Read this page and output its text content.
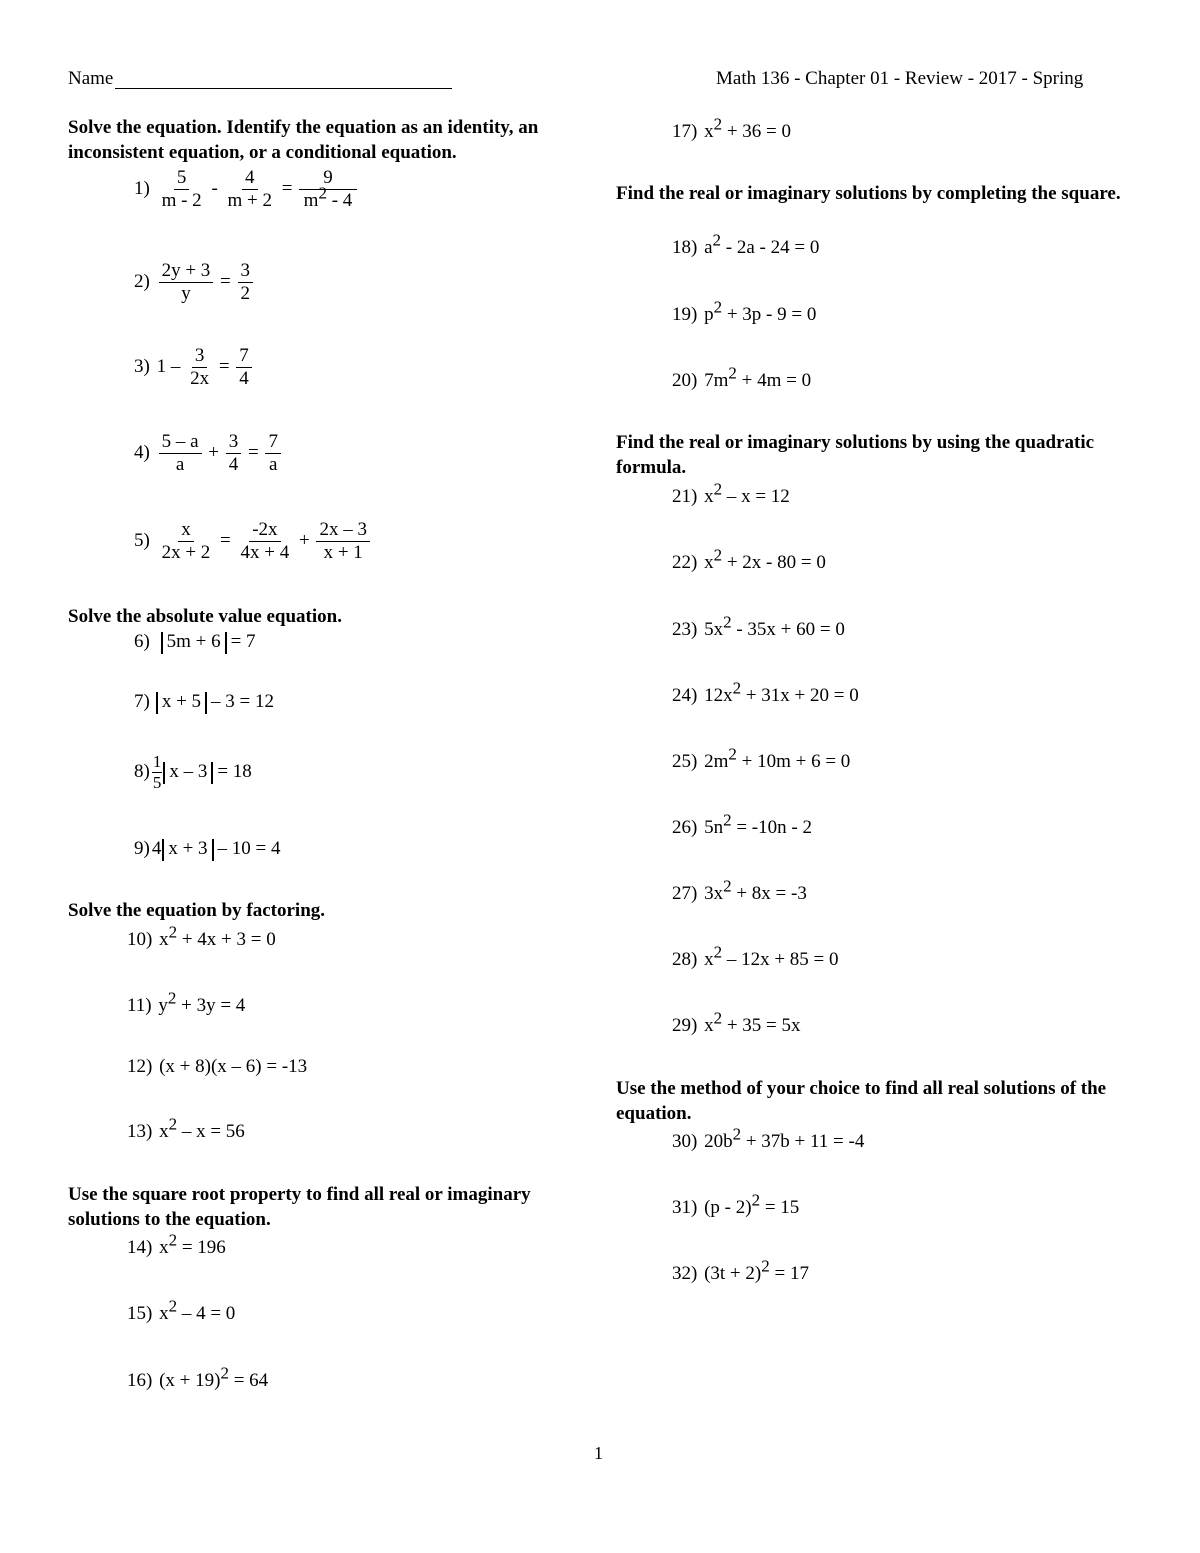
Name	Math 136 - Chapter 01 - Review - 2017 - Spring
Solve the equation. Identify the equation as an identity, an inconsistent equation, or a conditional equation.
$1) \frac{5}{m - 2} - \frac{4}{m + 2} = \frac{9}{m^2 - 4}$
$2) \frac{2y + 3}{y} = \frac{3}{2}$
3) $1 - \frac{3}{2x} = \frac{7}{4}$
$4) \frac{5 - a}{a} + \frac{3}{4} = \frac{7}{a}$
$5) \frac{x}{2x + 2} = \frac{-2x}{4x + 4} + \frac{2x - 3}{x + 1}$
Solve the absolute value equation.
6) 5m + 6 = 7
7) x + 5 – 3 = 12
$8) \frac{1}{5}$ x – 3 = 18
9) 4 x + 3 – 10 = 4
Solve the equation by factoring.
10) $x^2 + 4x + 3 = 0$
11) $y^2 + 3y = 4$
12) (x + 8)(x – 6) = -13
13) $x^2 - x = 56$
Use the square root property to find all real or imaginary solutions to the equation.
14) $x^2 = 196$
15) $x^2 - 4 = 0$
16) $(x + 19)^2 = 64$
17) $x^2 + 36 = 0$
Find the real or imaginary solutions by completing the square.
18) $a^2 - 2a - 24 = 0$
19) $p^2 + 3p - 9 = 0$
20) $7m^2 + 4m = 0$
Find the real or imaginary solutions by using the quadratic formula.
21) $x^2 - x = 12$
22) $x^2 + 2x - 80 = 0$
23) $5x^2 - 35x + 60 = 0$
24) $12x^2 + 31x + 20 = 0$
25) $2m^2 + 10m + 6 = 0$
26) $5n^2 = -10n - 2$
27) $3x^2 + 8x = -3$
28) $x^2 - 12x + 85 = 0$
29) $x^2 + 35 = 5x$
Use the method of your choice to find all real solutions of the equation.
30) $20b^2 + 37b + 11 = -4$
31) (p - 2)$^2$ = 15
32) $(3t + 2)^2 = 17$
1
